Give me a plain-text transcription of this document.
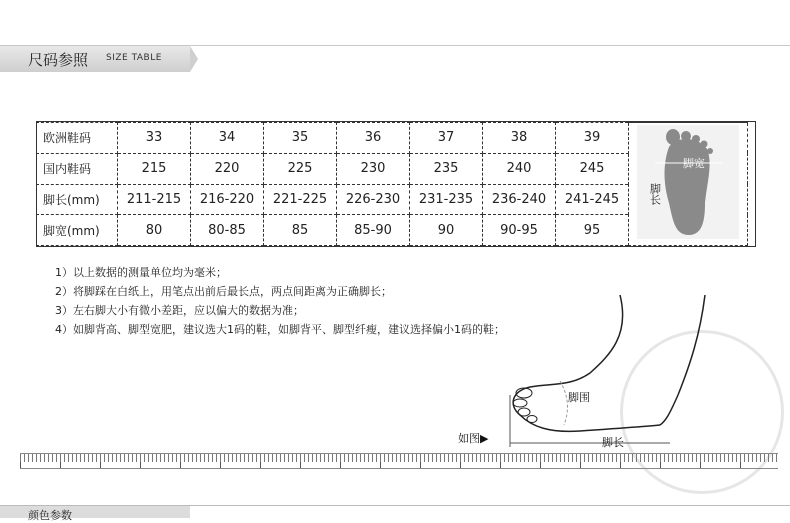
尺码参照 SIZE TABLE
欧洲鞋码	33	34	35	36	37	38	39	脚宽
脚长

国内鞋码	215	220	225	230	235	240	245	
脚长(mm)	211-215	216-220	221-225	226-230	231-235	236-240	241-245	
脚宽(mm)	80	80-85	85	85-90	90	90-95	95	
1）以上数据的测量单位均为毫米；
2）将脚踩在白纸上，用笔点出前后最长点，两点间距离为正确脚长；
3）左右脚大小有微小差距，应以偏大的数据为准；
4）如脚背高、脚型宽肥，建议选大1码的鞋，如脚背平、脚型纤瘦，建议选择偏小1码的鞋；
脚围
脚长
如图▶
颜色参数
